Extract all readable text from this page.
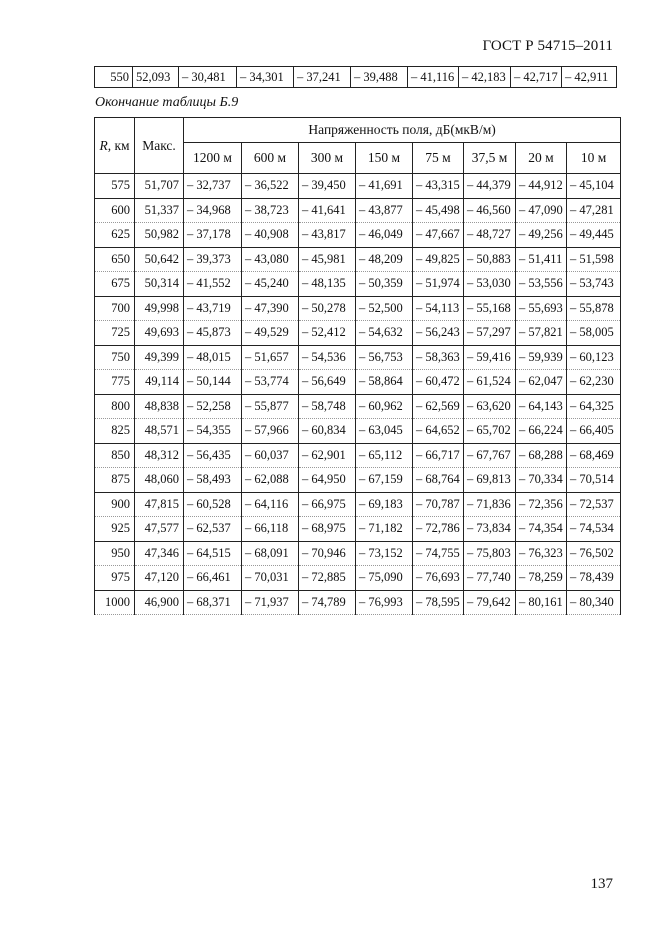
ГОСТ Р 54715–2011
550	52,093	– 30,481	– 34,301	– 37,241	– 39,488	– 41,116	– 42,183	– 42,717	– 42,911
Окончание таблицы Б.9
R, км	Макс.	Напряженность поля, дБ(мкВ/м)							
		1200 м	600 м	300 м	150 м	75 м	37,5 м	20 м	10 м
575	51,707	– 32,737	– 36,522	– 39,450	– 41,691	– 43,315	– 44,379	– 44,912	– 45,104
600	51,337	– 34,968	– 38,723	– 41,641	– 43,877	– 45,498	– 46,560	– 47,090	– 47,281
625	50,982	– 37,178	– 40,908	– 43,817	– 46,049	– 47,667	– 48,727	– 49,256	– 49,445
650	50,642	– 39,373	– 43,080	– 45,981	– 48,209	– 49,825	– 50,883	– 51,411	– 51,598
675	50,314	– 41,552	– 45,240	– 48,135	– 50,359	– 51,974	– 53,030	– 53,556	– 53,743
700	49,998	– 43,719	– 47,390	– 50,278	– 52,500	– 54,113	– 55,168	– 55,693	– 55,878
725	49,693	– 45,873	– 49,529	– 52,412	– 54,632	– 56,243	– 57,297	– 57,821	– 58,005
750	49,399	– 48,015	– 51,657	– 54,536	– 56,753	– 58,363	– 59,416	– 59,939	– 60,123
775	49,114	– 50,144	– 53,774	– 56,649	– 58,864	– 60,472	– 61,524	– 62,047	– 62,230
800	48,838	– 52,258	– 55,877	– 58,748	– 60,962	– 62,569	– 63,620	– 64,143	– 64,325
825	48,571	– 54,355	– 57,966	– 60,834	– 63,045	– 64,652	– 65,702	– 66,224	– 66,405
850	48,312	– 56,435	– 60,037	– 62,901	– 65,112	– 66,717	– 67,767	– 68,288	– 68,469
875	48,060	– 58,493	– 62,088	– 64,950	– 67,159	– 68,764	– 69,813	– 70,334	– 70,514
900	47,815	– 60,528	– 64,116	– 66,975	– 69,183	– 70,787	– 71,836	– 72,356	– 72,537
925	47,577	– 62,537	– 66,118	– 68,975	– 71,182	– 72,786	– 73,834	– 74,354	– 74,534
950	47,346	– 64,515	– 68,091	– 70,946	– 73,152	– 74,755	– 75,803	– 76,323	– 76,502
975	47,120	– 66,461	– 70,031	– 72,885	– 75,090	– 76,693	– 77,740	– 78,259	– 78,439
1000	46,900	– 68,371	– 71,937	– 74,789	– 76,993	– 78,595	– 79,642	– 80,161	– 80,340
137
